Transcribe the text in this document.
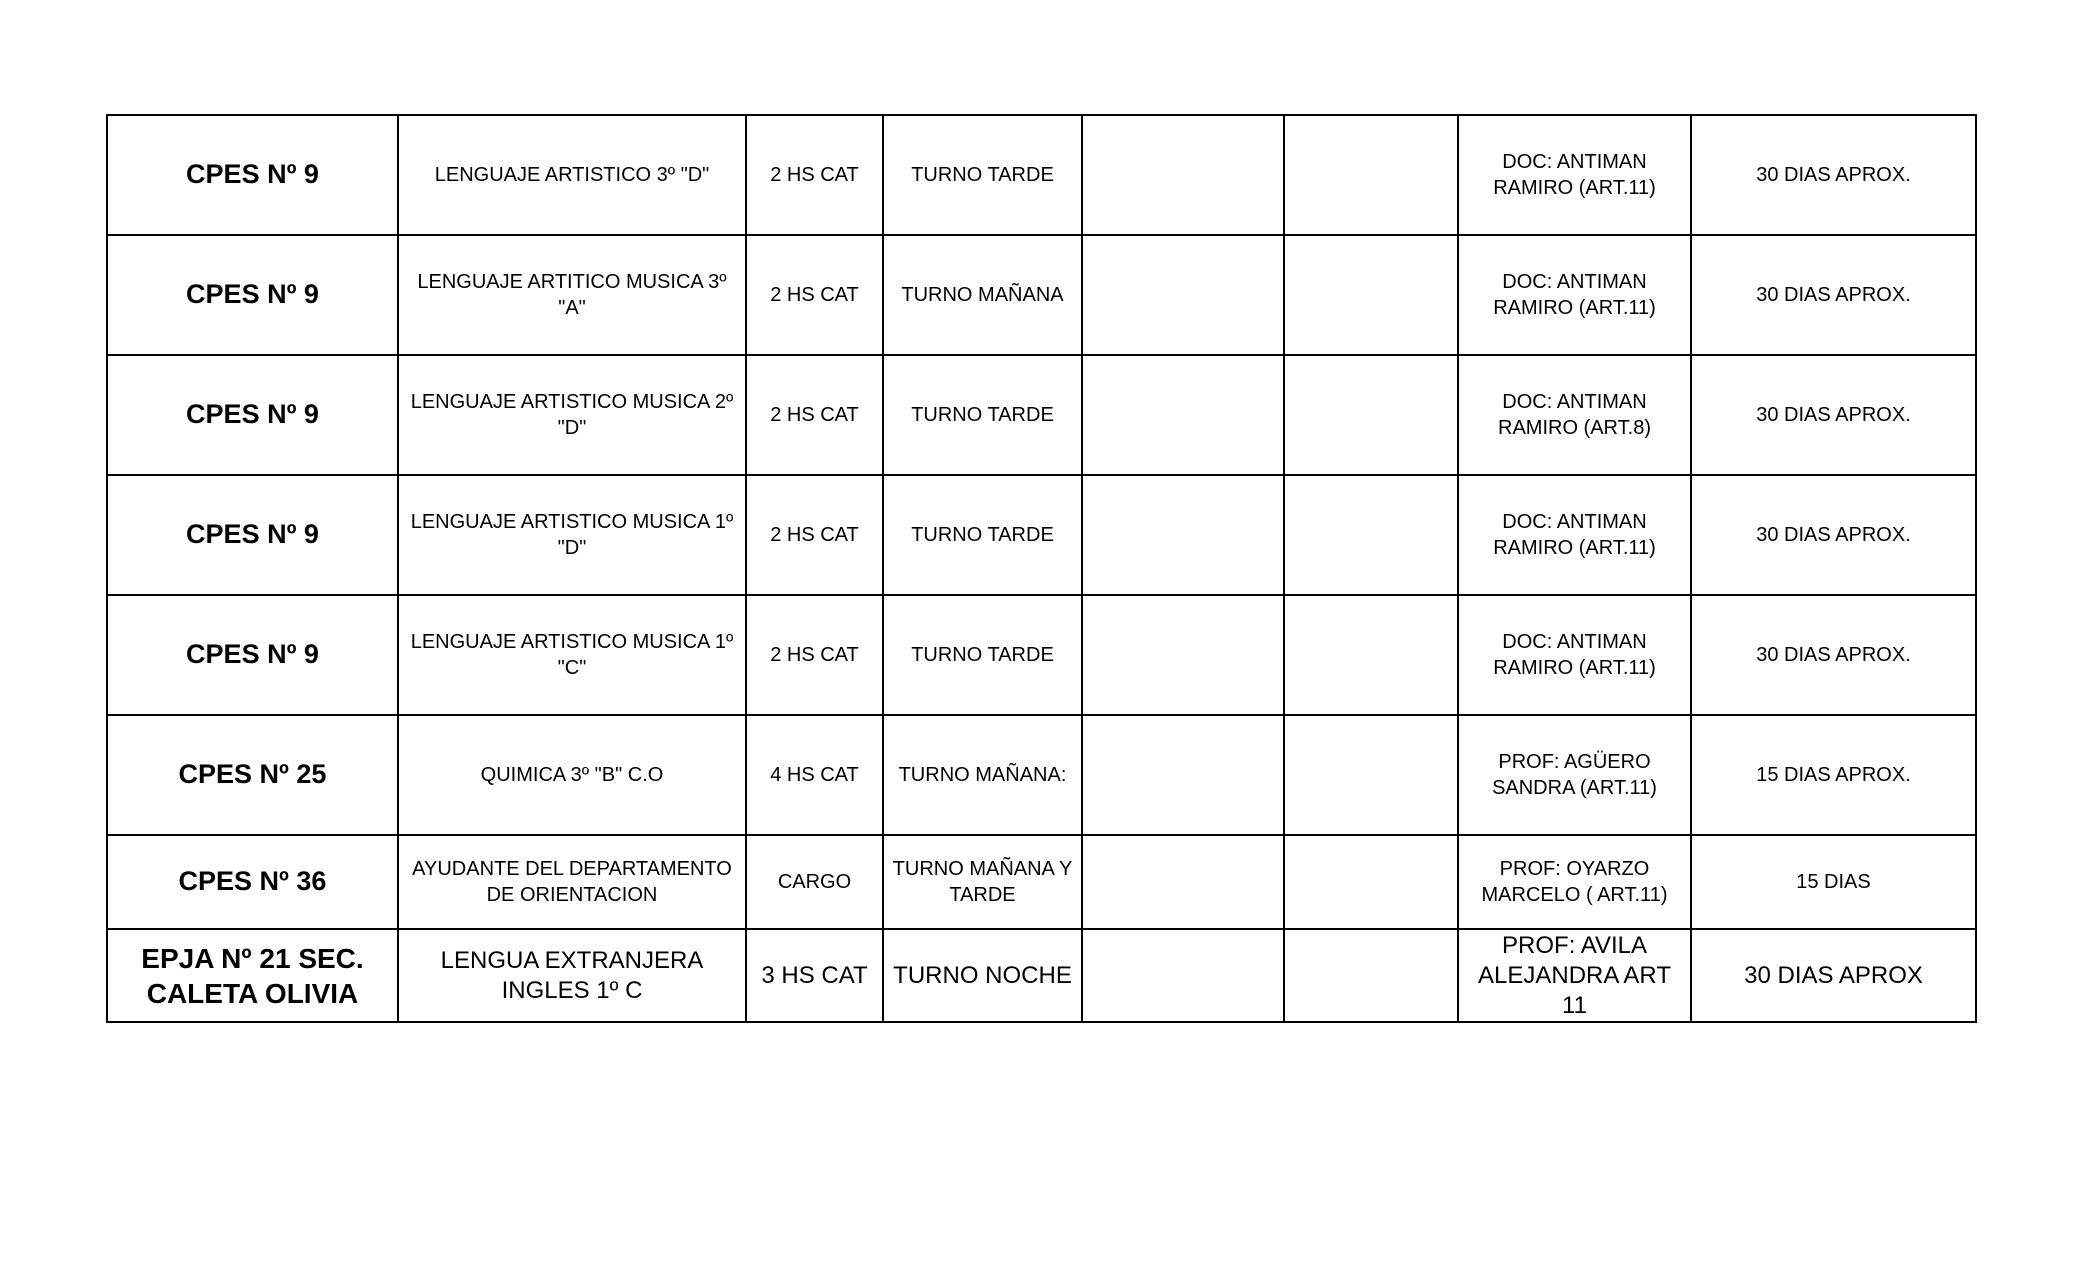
CPES Nº 9	LENGUAJE ARTISTICO 3º "D"	2 HS CAT	TURNO TARDE			DOC: ANTIMAN RAMIRO (ART.11)	30 DIAS APROX.
CPES Nº 9	LENGUAJE ARTITICO MUSICA 3º "A"	2 HS CAT	TURNO MAÑANA			DOC: ANTIMAN RAMIRO (ART.11)	30 DIAS APROX.
CPES Nº 9	LENGUAJE ARTISTICO MUSICA 2º "D"	2 HS CAT	TURNO TARDE			DOC: ANTIMAN RAMIRO (ART.8)	30 DIAS APROX.
CPES Nº 9	LENGUAJE ARTISTICO MUSICA 1º "D"	2 HS CAT	TURNO TARDE			DOC: ANTIMAN RAMIRO (ART.11)	30 DIAS APROX.
CPES Nº 9	LENGUAJE ARTISTICO MUSICA 1º "C"	2 HS CAT	TURNO TARDE			DOC: ANTIMAN RAMIRO (ART.11)	30 DIAS APROX.
CPES Nº 25	QUIMICA 3º "B" C.O	4 HS CAT	TURNO MAÑANA:			PROF: AGÜERO SANDRA (ART.11)	15 DIAS APROX.
CPES Nº 36	AYUDANTE DEL DEPARTAMENTO DE ORIENTACION	CARGO	TURNO MAÑANA Y TARDE			PROF: OYARZO MARCELO ( ART.11)	15 DIAS
EPJA Nº 21 SEC. CALETA OLIVIA	LENGUA EXTRANJERA INGLES 1º C	3 HS CAT	TURNO NOCHE			PROF: AVILA ALEJANDRA ART 11	30 DIAS APROX
